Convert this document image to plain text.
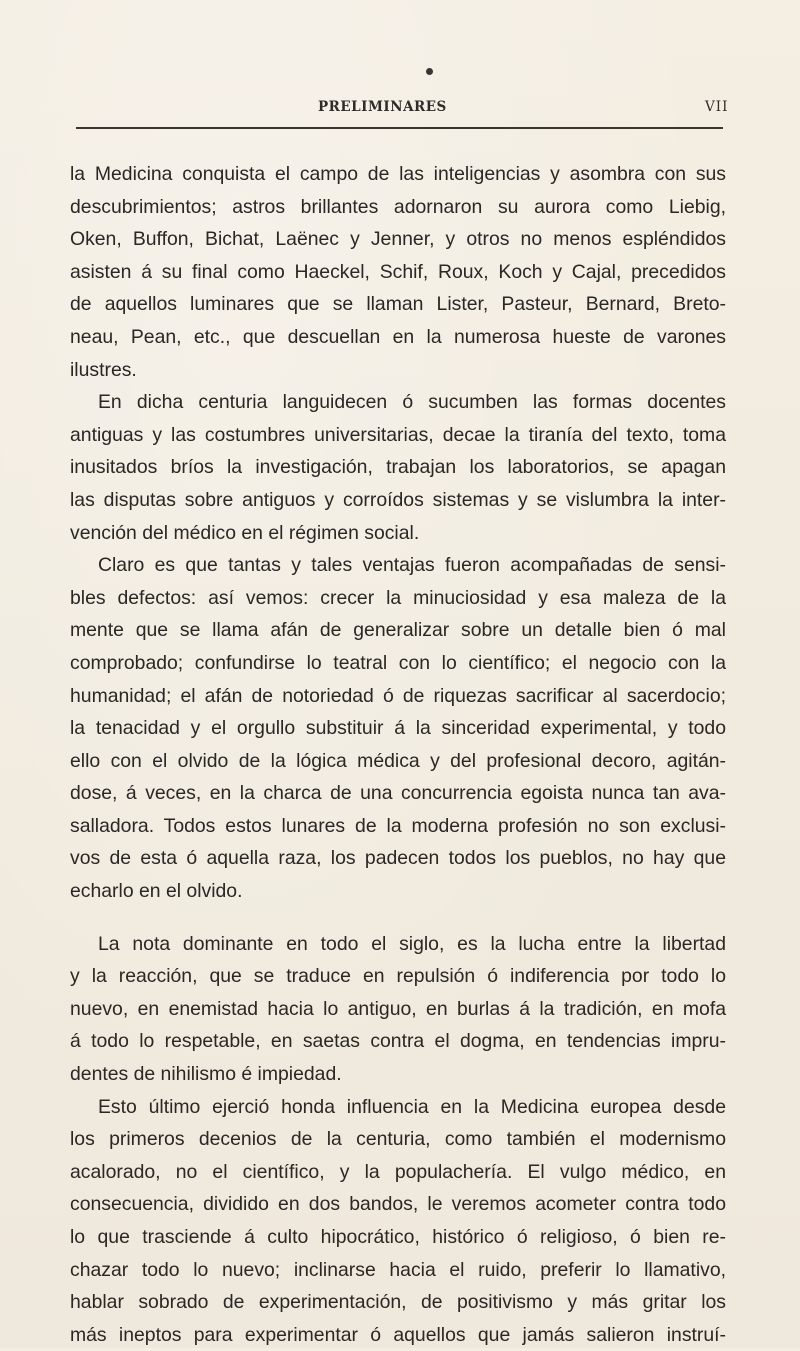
PRELIMINARES	VII
la Medicina conquista el campo de las inteligencias y asombra con sus
descubrimientos; astros brillantes adornaron su aurora como Liebig,
Oken, Buffon, Bichat, Laënec y Jenner, y otros no menos espléndidos
asisten á su final como Haeckel, Schif, Roux, Koch y Cajal, precedidos
de aquellos luminares que se llaman Lister, Pasteur, Bernard, Breto-
neau, Pean, etc., que descuellan en la numerosa hueste de varones
ilustres.
En dicha centuria languidecen ó sucumben las formas docentes
antiguas y las costumbres universitarias, decae la tiranía del texto, toma
inusitados bríos la investigación, trabajan los laboratorios, se apagan
las disputas sobre antiguos y corroídos sistemas y se vislumbra la inter-
vención del médico en el régimen social.
Claro es que tantas y tales ventajas fueron acompañadas de sensi-
bles defectos: así vemos: crecer la minuciosidad y esa maleza de la
mente que se llama afán de generalizar sobre un detalle bien ó mal
comprobado; confundirse lo teatral con lo científico; el negocio con la
humanidad; el afán de notoriedad ó de riquezas sacrificar al sacerdocio;
la tenacidad y el orgullo substituir á la sinceridad experimental, y todo
ello con el olvido de la lógica médica y del profesional decoro, agitán-
dose, á veces, en la charca de una concurrencia egoista nunca tan ava-
salladora. Todos estos lunares de la moderna profesión no son exclusi-
vos de esta ó aquella raza, los padecen todos los pueblos, no hay que
echarlo en el olvido.
La nota dominante en todo el siglo, es la lucha entre la libertad
y la reacción, que se traduce en repulsión ó indiferencia por todo lo
nuevo, en enemistad hacia lo antiguo, en burlas á la tradición, en mofa
á todo lo respetable, en saetas contra el dogma, en tendencias impru-
dentes de nihilismo é impiedad.
Esto último ejerció honda influencia en la Medicina europea desde
los primeros decenios de la centuria, como también el modernismo
acalorado, no el científico, y la populachería. El vulgo médico, en
consecuencia, dividido en dos bandos, le veremos acometer contra todo
lo que trasciende á culto hipocrático, histórico ó religioso, ó bien re-
chazar todo lo nuevo; inclinarse hacia el ruido, preferir lo llamativo,
hablar sobrado de experimentación, de positivismo y más gritar los
más ineptos para experimentar ó aquellos que jamás salieron instruí-
